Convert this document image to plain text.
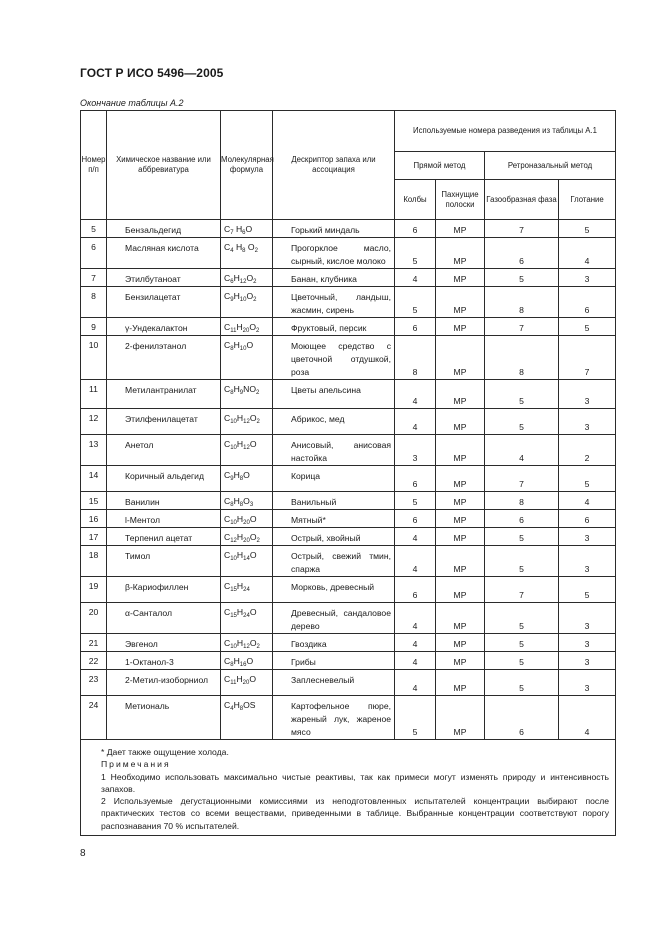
ГОСТ Р ИСО 5496—2005
Окончание таблицы А.2
Номер п/п	Химическое название или аббревиатура	Молекулярная формула	Дескриптор запаха или ассоциация	Используемые номера разведения из таблицы А.1			
				Прямой метод		Ретроназальный метод	
				Колбы	Пахнущие полоски	Газообразная фаза	Глотание
5	Бензальдегид	$C_7$ $H_6O$	Горький миндаль	6	МР	7	5
6	Масляная кислота	$C_4$ $H_8$ $O_2$	Прогорклое масло, сырный, кислое молоко	5	МР	6	4
7	Этилбутаноат	$C_6H_{12}O_2$	Банан, клубника	4	МР	5	3
8	Бензилацетат	$C_9H_{10}O_2$	Цветочный, ландыш, жасмин, сирень	5	МР	8	6
9	γ-Ундекалактон	$C_{11}H_{20}O_2$	Фруктовый, персик	6	МР	7	5
10	2-фенилэтанол	$C_8H_{10}O$	Моющее средство с цветочной отдушкой, роза	8	МР	8	7
11	Метилантранилат	$C_8H_9NO_2$	Цветы апельсина	4	МР	5	3
12	Этилфенилацетат	$C_{10}H_{12}O_2$	Абрикос, мед	4	МР	5	3
13	Анетол	$C_{10}H_{12}O$	Анисовый, анисовая настойка	3	МР	4	2
14	Коричный альдегид	$C_9H_8O$	Корица	6	МР	7	5
15	Ванилин	$C_8H_8O_3$	Ванильный	5	МР	8	4
16	l-Ментол	$C_{10}H_{20}O$	Мятный*	6	МР	6	6
17	Терпенил ацетат	$C_{12}H_{20}O_2$	Острый, хвойный	4	МР	5	3
18	Тимол	$C_{10}H_{14}O$	Острый, свежий тмин, спаржа	4	МР	5	3
19	β-Кариофиллен	$C_{15}H_{24}$	Морковь, древесный	6	МР	7	5
20	α-Санталол	$C_{15}H_{24}O$	Древесный, сандаловое дерево	4	МР	5	3
21	Эвгенол	$C_{10}H_{12}O_2$	Гвоздика	4	МР	5	3
22	1-Октанол-3	$C_8H_{16}O$	Грибы	4	МР	5	3
23	2-Метил-изоборниол	$C_{11}H_{20}O$	Заплесневелый	4	МР	5	3
24	Метиональ	$C_4H_8OS$	Картофельное пюре, жареный лук, жареное мясо	5	МР	6	4

* Дает также ощущение холода.
Примечания
1 Необходимо использовать максимально чистые реактивы, так как примеси могут изменять природу и интенсивность запахов.
2 Используемые дегустационными комиссиями из неподготовленных испытателей концентрации выбирают после практических тестов со всеми веществами, приведенными в таблице. Выбранные концентрации соответствуют порогу распознавания 70 % испытателей.							
8
